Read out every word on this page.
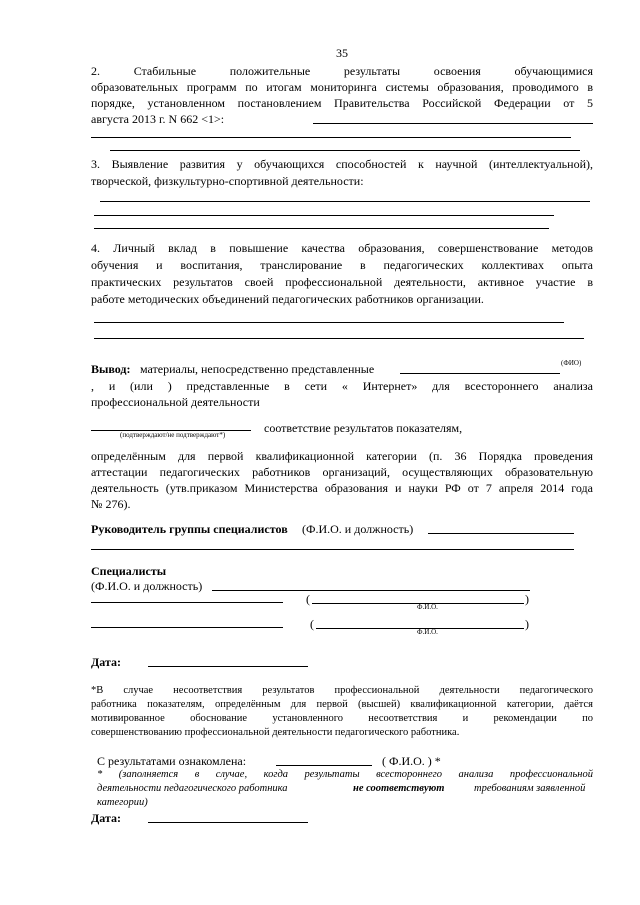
35

2. Стабильные положительные результаты освоения обучающимися

образовательных программ по итогам мониторинга системы образования, проводимого в

порядке, установленном постановлением Правительства Российской Федерации от 5

августа 2013 г. N 662 <1>:

3. Выявление развития у обучающихся способностей к научной (интеллектуальной),

творческой, физкультурно-спортивной деятельности:

4. Личный вклад в повышение качества образования, совершенствование методов

обучения и воспитания, транслирование в педагогических коллективах опыта

практических результатов своей профессиональной деятельности, активное участие в

работе методических объединений педагогических работников организации.

Вывод: материалы, непосредственно представленные	(ФИО)

, и (или ) представленные в сети « Интернет» для всестороннего анализа

профессиональной деятельности

(подтверждают/не подтверждают*)	соответствие результатов показателям,

определённым для первой квалификационной категории (п. 36 Порядка проведения

аттестации педагогических работников организаций, осуществляющих образовательную

деятельность (утв.приказом Министерства образования и науки РФ от 7 апреля 2014 года

№ 276).

Руководитель группы специалистов (Ф.И.О. и должность)

Специалисты

(Ф.И.О. и должность)

(	)

Ф.И.О.

(	)

Ф.И.О.

Дата:

*В случае несоответствия результатов профессиональной деятельности педагогического

работника показателям, определённым для первой (высшей) квалификационной категории, даётся

мотивированное обоснование установленного несоответствия и рекомендации по

совершенствованию профессиональной деятельности педагогического работника.

С результатами ознакомлена:	( Ф.И.О. ) *

* (заполняется в случае, когда результаты всестороннего анализа профессиональной

деятельности педагогического работника	не соответствуют	требованиям заявленной

категории)

Дата:
